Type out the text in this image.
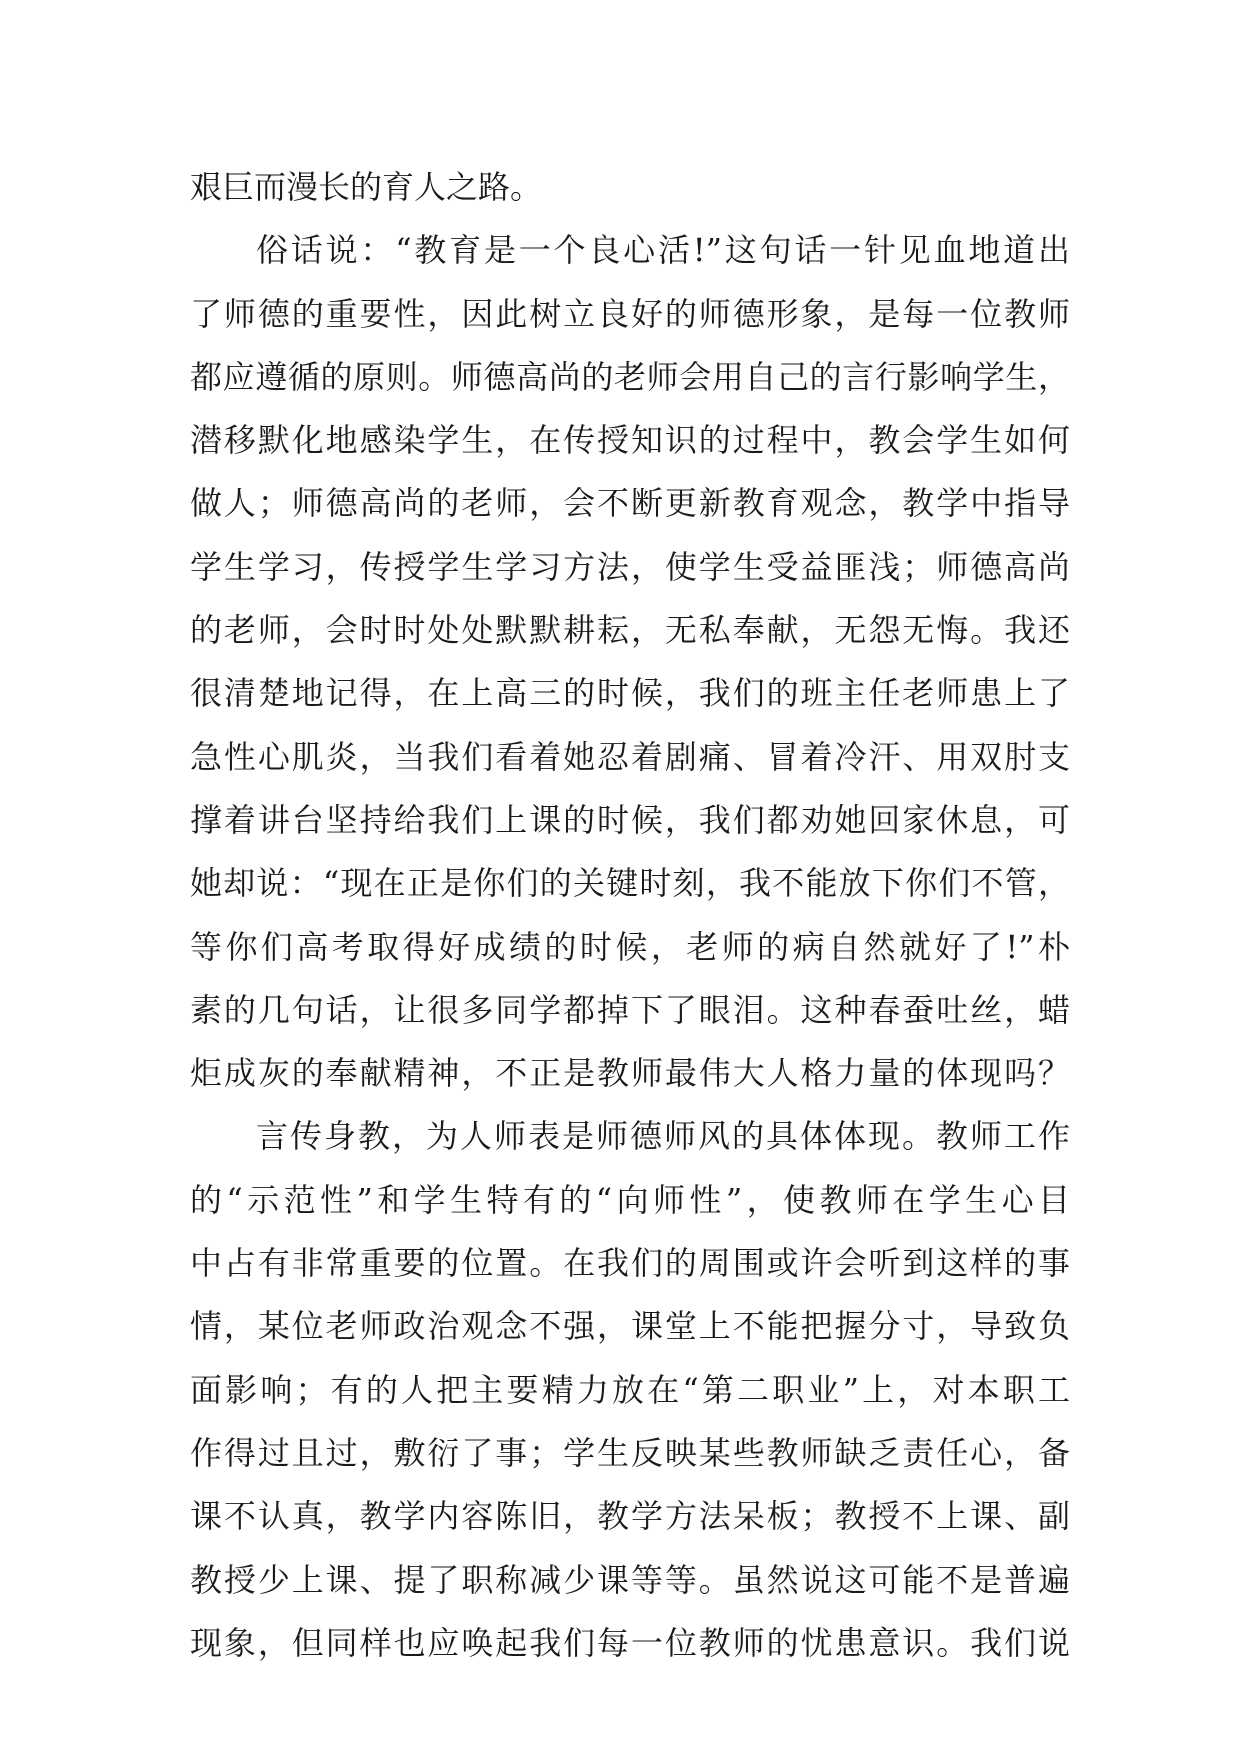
艰巨而漫长的育人之路。
俗话说：“教育是一个良心活!”这句话一针见血地道出
了师德的重要性，因此树立良好的师德形象，是每一位教师
都应遵循的原则。师德高尚的老师会用自己的言行影响学生，
潜移默化地感染学生，在传授知识的过程中，教会学生如何
做人；师德高尚的老师，会不断更新教育观念，教学中指导
学生学习，传授学生学习方法，使学生受益匪浅；师德高尚
的老师，会时时处处默默耕耘，无私奉献，无怨无悔。我还
很清楚地记得，在上高三的时候，我们的班主任老师患上了
急性心肌炎，当我们看着她忍着剧痛、冒着冷汗、用双肘支
撑着讲台坚持给我们上课的时候，我们都劝她回家休息，可
她却说：“现在正是你们的关键时刻，我不能放下你们不管，
等你们高考取得好成绩的时候，老师的病自然就好了!”朴
素的几句话，让很多同学都掉下了眼泪。这种春蚕吐丝，蜡
炬成灰的奉献精神，不正是教师最伟大人格力量的体现吗？
言传身教，为人师表是师德师风的具体体现。教师工作
的“示范性”和学生特有的“向师性”，使教师在学生心目
中占有非常重要的位置。在我们的周围或许会听到这样的事
情，某位老师政治观念不强，课堂上不能把握分寸，导致负
面影响；有的人把主要精力放在“第二职业”上，对本职工
作得过且过，敷衍了事；学生反映某些教师缺乏责任心，备
课不认真，教学内容陈旧，教学方法呆板；教授不上课、副
教授少上课、提了职称减少课等等。虽然说这可能不是普遍
现象，但同样也应唤起我们每一位教师的忧患意识。我们说
